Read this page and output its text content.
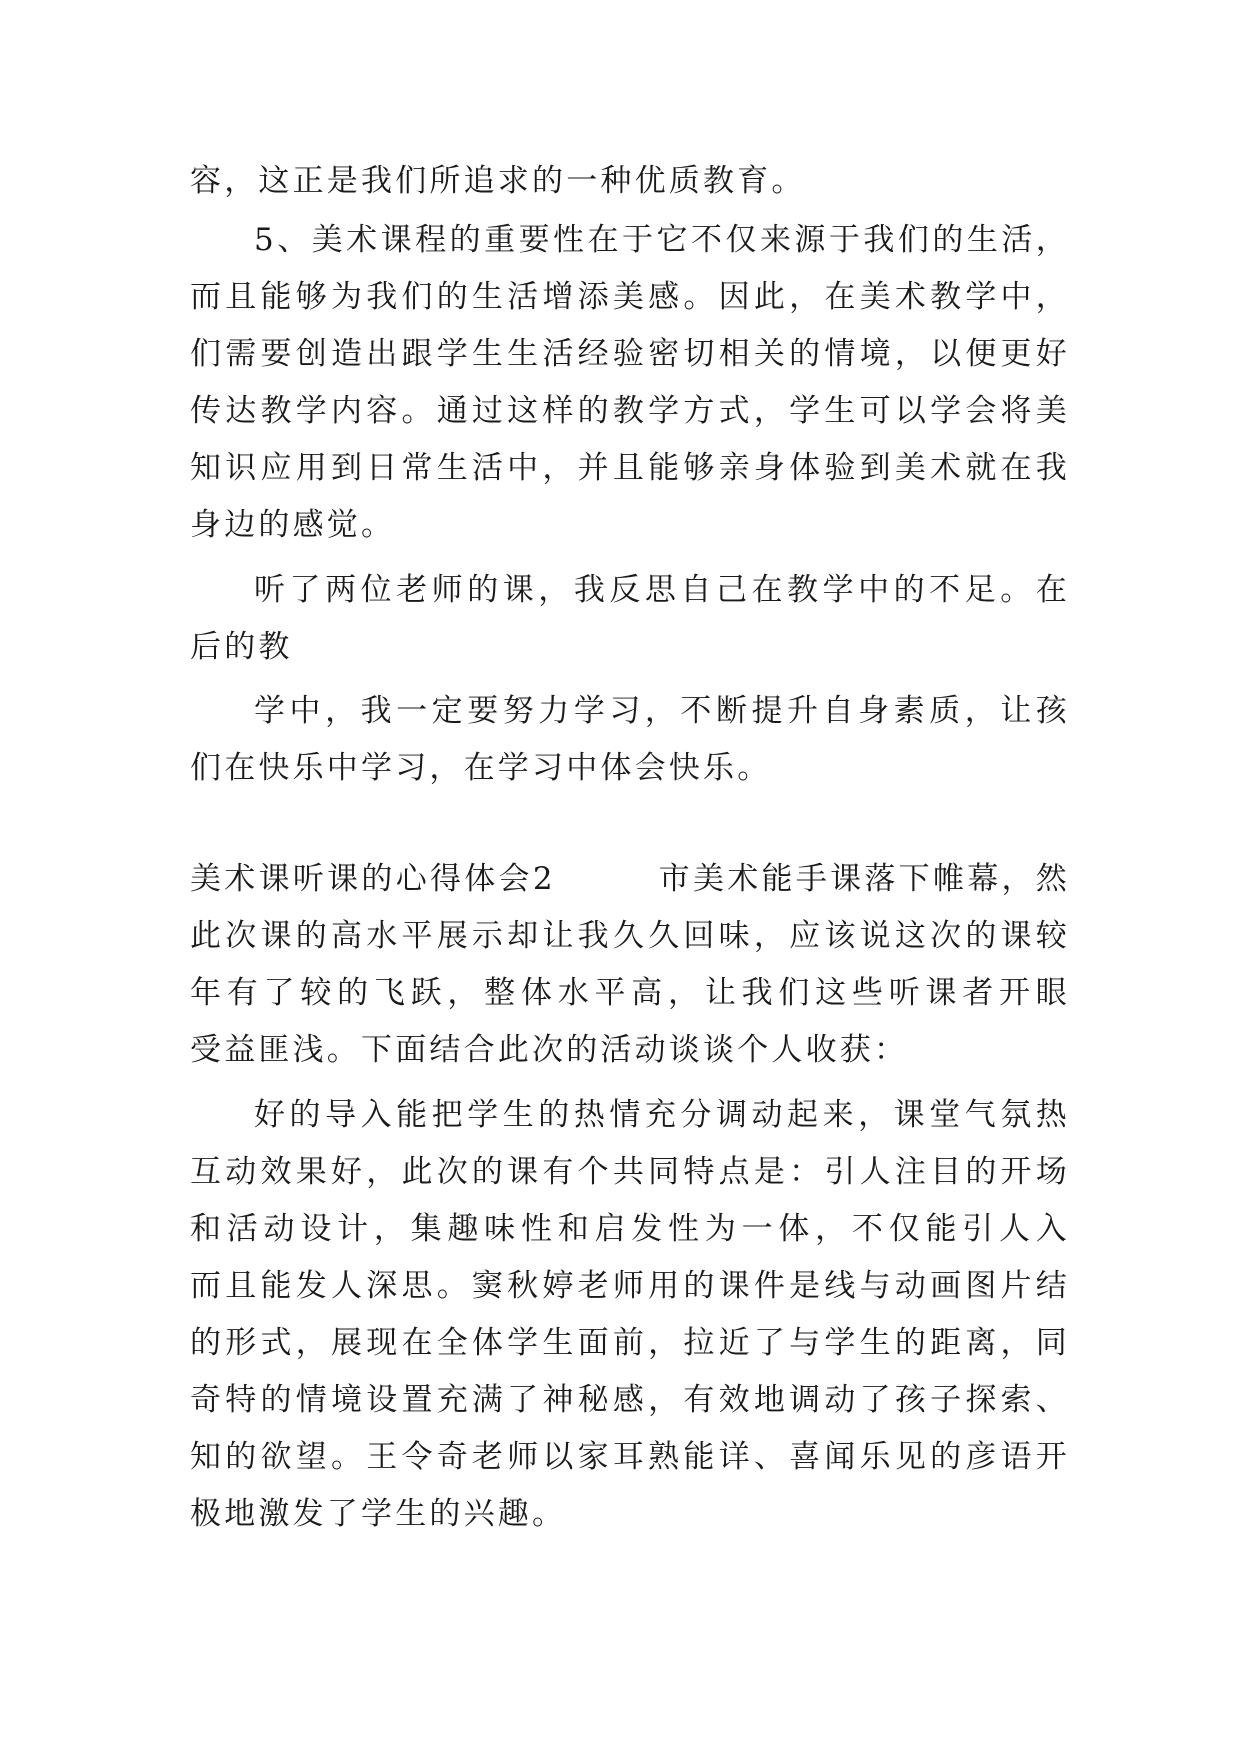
容，这正是我们所追求的一种优质教育。

5、美术课程的重要性在于它不仅来源于我们的生活，

而且能够为我们的生活增添美感。因此，在美术教学中，

们需要创造出跟学生生活经验密切相关的情境，以便更好

传达教学内容。通过这样的教学方式，学生可以学会将美

知识应用到日常生活中，并且能够亲身体验到美术就在我

身边的感觉。

听了两位老师的课，我反思自己在教学中的不足。在

后的教

学中，我一定要努力学习，不断提升自身素质，让孩

们在快乐中学习，在学习中体会快乐。

美术课听课的心得体会2　　　市美术能手课落下帷幕，然

此次课的高水平展示却让我久久回味，应该说这次的课较

年有了较的飞跃，整体水平高，让我们这些听课者开眼

受益匪浅。下面结合此次的活动谈谈个人收获：

好的导入能把学生的热情充分调动起来，课堂气氛热

互动效果好，此次的课有个共同特点是：引人注目的开场

和活动设计，集趣味性和启发性为一体，不仅能引人入

而且能发人深思。窦秋婷老师用的课件是线与动画图片结

的形式，展现在全体学生面前，拉近了与学生的距离，同

奇特的情境设置充满了神秘感，有效地调动了孩子探索、

知的欲望。王令奇老师以家耳熟能详、喜闻乐见的彦语开

极地激发了学生的兴趣。
